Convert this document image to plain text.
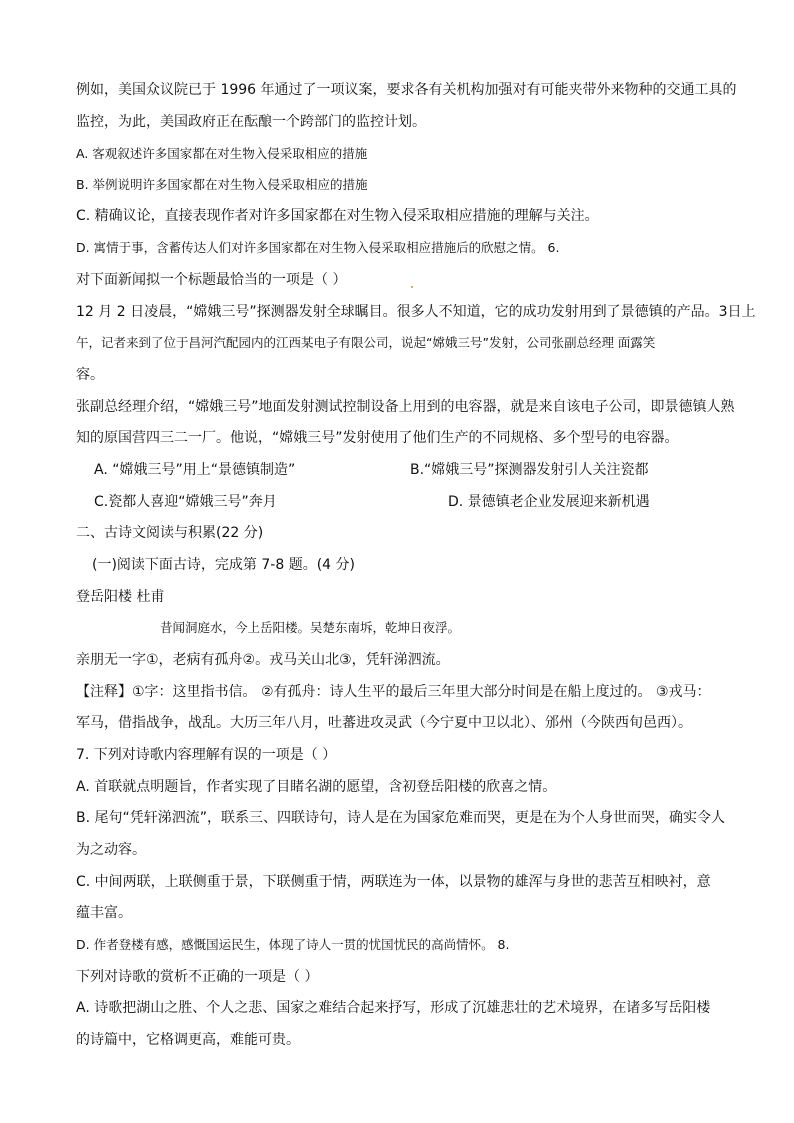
例如，美国众议院已于 1996 年通过了一项议案，要求各有关机构加强对有可能夹带外来物种的交通工具的
监控，为此，美国政府正在酝酿一个跨部门的监控计划。
A. 客观叙述许多国家都在对生物入侵采取相应的措施
B. 举例说明许多国家都在对生物入侵采取相应的措施
C. 精确议论，直接表现作者对许多国家都在对生物入侵采取相应措施的理解与关注。
D. 寓情于事，含蓄传达人们对许多国家都在对生物入侵采取相应措施后的欣慰之情。 6.
对下面新闻拟一个标题最恰当的一项是（ ）
12 月 2 日凌晨，“嫦娥三号”探测器发射全球瞩目。很多人不知道，它的成功发射用到了景德镇的产品。3日上
午，记者来到了位于昌河汽配园内的江西某电子有限公司，说起“嫦娥三号”发射，公司张副总经理 面露笑
容。
张副总经理介绍，“嫦娥三号”地面发射测试控制设备上用到的电容器，就是来自该电子公司，即景德镇人熟
知的原国营四三二一厂。他说，“嫦娥三号”发射使用了他们生产的不同规格、多个型号的电容器。
A. “嫦娥三号”用上“景德镇制造”	B.“嫦娥三号”探测器发射引人关注瓷都
C.瓷都人喜迎“嫦娥三号”奔月	D. 景德镇老企业发展迎来新机遇
二、古诗文阅读与积累(22 分)
(一)阅读下面古诗，完成第 7-8 题。(4 分)
登岳阳楼 杜甫
昔闻洞庭水，今上岳阳楼。吴楚东南坼，乾坤日夜浮。
亲朋无一字①，老病有孤舟②。戎马关山北③，凭轩涕泗流。
【注释】①字：这里指书信。 ②有孤舟：诗人生平的最后三年里大部分时间是在船上度过的。 ③戎马：
军马，借指战争，战乱。大历三年八月，吐蕃进攻灵武（今宁夏中卫以北）、邠州（今陕西旬邑西）。
7. 下列对诗歌内容理解有误的一项是（ ）
A. 首联就点明题旨，作者实现了目睹名湖的愿望，含初登岳阳楼的欣喜之情。
B. 尾句“凭轩涕泗流”，联系三、四联诗句，诗人是在为国家危难而哭，更是在为个人身世而哭，确实令人
为之动容。
C. 中间两联，上联侧重于景，下联侧重于情，两联连为一体，以景物的雄浑与身世的悲苦互相映衬，意
蕴丰富。
D. 作者登楼有感，感慨国运民生，体现了诗人一贯的忧国忧民的高尚情怀。 8.
下列对诗歌的赏析不正确的一项是（ ）
A. 诗歌把湖山之胜、个人之悲、国家之难结合起来抒写，形成了沉雄悲壮的艺术境界，在诸多写岳阳楼
的诗篇中，它格调更高，难能可贵。
